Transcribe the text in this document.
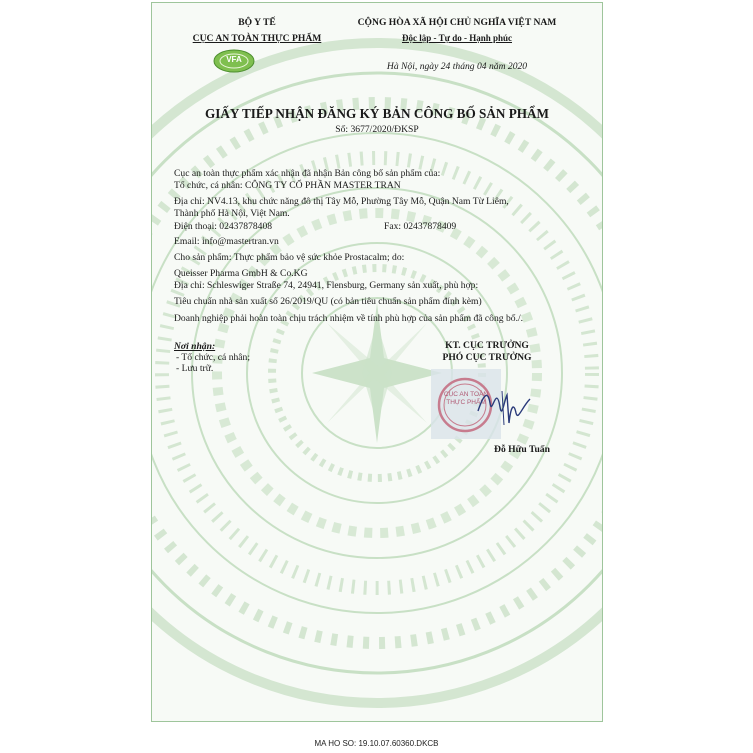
BỘ Y TẾ
CỤC AN TOÀN THỰC PHẨM
VFA
CỘNG HÒA XÃ HỘI CHỦ NGHĨA VIỆT NAM
Độc lập - Tự do - Hạnh phúc
Hà Nội, ngày 24 tháng 04 năm 2020
GIẤY TIẾP NHẬN ĐĂNG KÝ BẢN CÔNG BỐ SẢN PHẨM
Số: 3677/2020/ĐKSP
Cục an toàn thực phẩm xác nhận đã nhận Bản công bố sản phẩm của:
Tổ chức, cá nhân: CÔNG TY CỔ PHẦN MASTER TRAN
Địa chỉ: NV4.13, khu chức năng đô thị Tây Mỗ, Phường Tây Mỗ, Quận Nam Từ Liêm,
Thành phố Hà Nội, Việt Nam.
Điện thoại: 02437878408	Fax: 02437878409
Email: info@mastertran.vn
Cho sản phẩm: Thực phẩm bảo vệ sức khỏe Prostacalm; do:
Queisser Pharma GmbH & Co.KG
Địa chỉ: Schleswiger Straße 74, 24941, Flensburg, Germany sản xuất, phù hợp:
Tiêu chuẩn nhà sản xuất số 26/2019/QU (có bản tiêu chuẩn sản phẩm đính kèm)
Doanh nghiệp phải hoàn toàn chịu trách nhiệm về tính phù hợp của sản phẩm đã công bố./.
Nơi nhận:
- Tổ chức, cá nhân;
- Lưu trữ.
KT. CỤC TRƯỞNG
PHÓ CỤC TRƯỞNG
CỤC AN TOÀN THỰC PHẨM
Đỗ Hữu Tuấn
MA HO SO: 19.10.07.60360.DKCB
